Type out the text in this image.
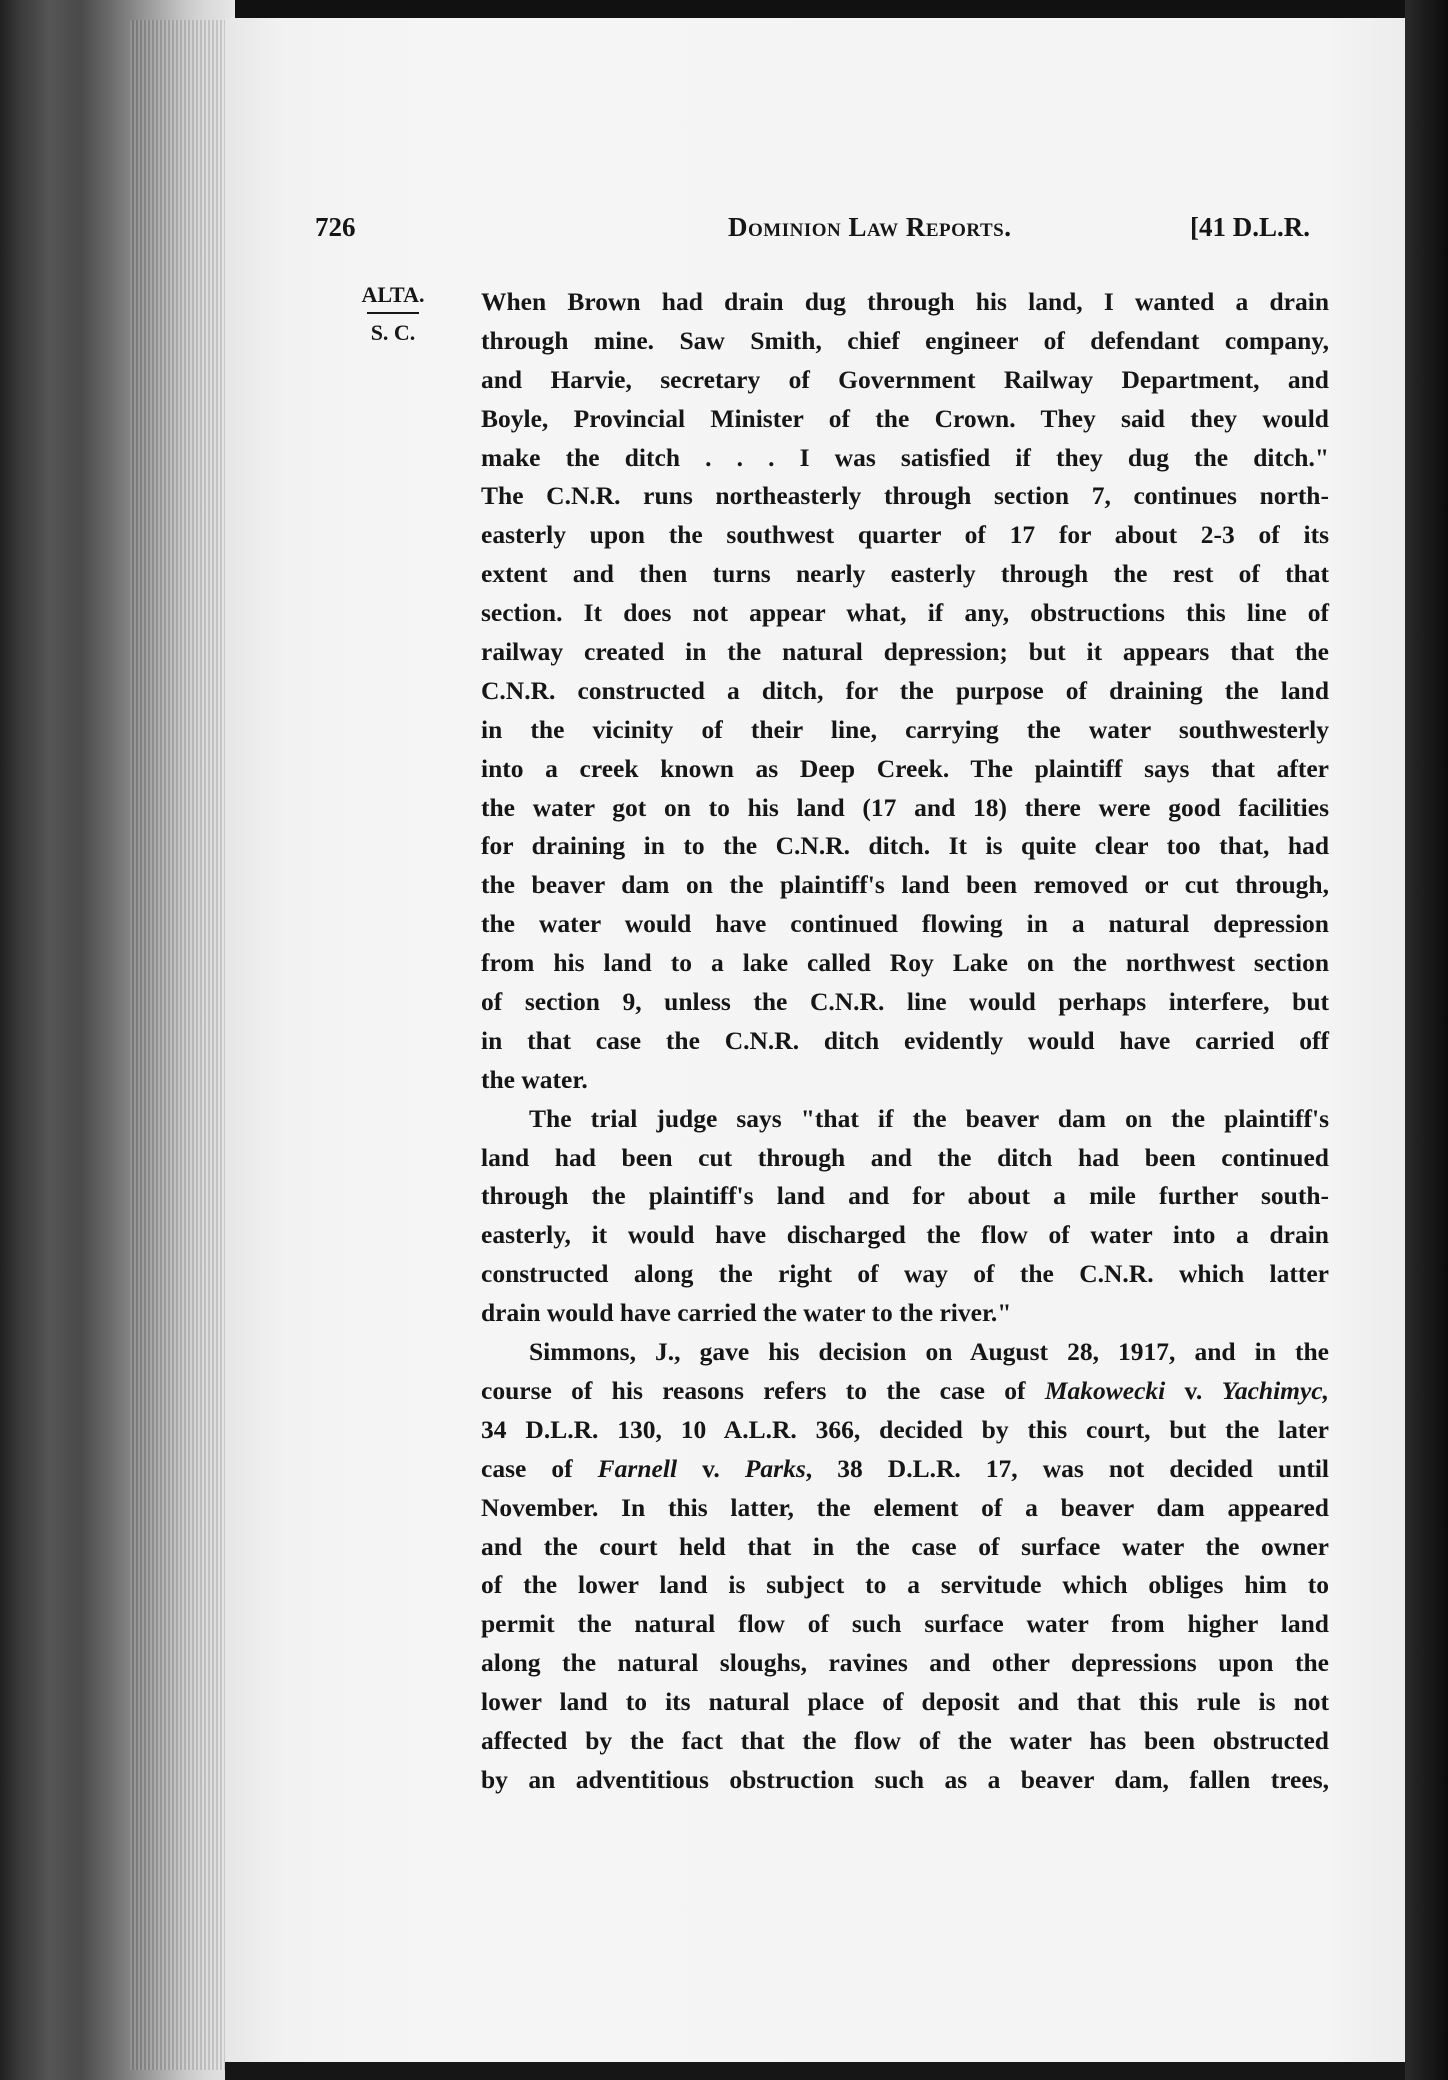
726	Dominion Law Reports.	[41 D.L.R.
ALTA.
S. C.
When Brown had drain dug through his land, I wanted a drain
through mine. Saw Smith, chief engineer of defendant company,
and Harvie, secretary of Government Railway Department, and
Boyle, Provincial Minister of the Crown. They said they would
make the ditch . . . I was satisfied if they dug the ditch."
The C.N.R. runs northeasterly through section 7, continues north-
easterly upon the southwest quarter of 17 for about 2-3 of its
extent and then turns nearly easterly through the rest of that
section. It does not appear what, if any, obstructions this line of
railway created in the natural depression; but it appears that the
C.N.R. constructed a ditch, for the purpose of draining the land
in the vicinity of their line, carrying the water southwesterly
into a creek known as Deep Creek. The plaintiff says that after
the water got on to his land (17 and 18) there were good facilities
for draining in to the C.N.R. ditch. It is quite clear too that, had
the beaver dam on the plaintiff's land been removed or cut through,
the water would have continued flowing in a natural depression
from his land to a lake called Roy Lake on the northwest section
of section 9, unless the C.N.R. line would perhaps interfere, but
in that case the C.N.R. ditch evidently would have carried off
the water.
The trial judge says "that if the beaver dam on the plaintiff's
land had been cut through and the ditch had been continued
through the plaintiff's land and for about a mile further south-
easterly, it would have discharged the flow of water into a drain
constructed along the right of way of the C.N.R. which latter
drain would have carried the water to the river."
Simmons, J., gave his decision on August 28, 1917, and in the
course of his reasons refers to the case of Makowecki v. Yachimyc,
34 D.L.R. 130, 10 A.L.R. 366, decided by this court, but the later
case of Farnell v. Parks, 38 D.L.R. 17, was not decided until
November. In this latter, the element of a beaver dam appeared
and the court held that in the case of surface water the owner
of the lower land is subject to a servitude which obliges him to
permit the natural flow of such surface water from higher land
along the natural sloughs, ravines and other depressions upon the
lower land to its natural place of deposit and that this rule is not
affected by the fact that the flow of the water has been obstructed
by an adventitious obstruction such as a beaver dam, fallen trees,
